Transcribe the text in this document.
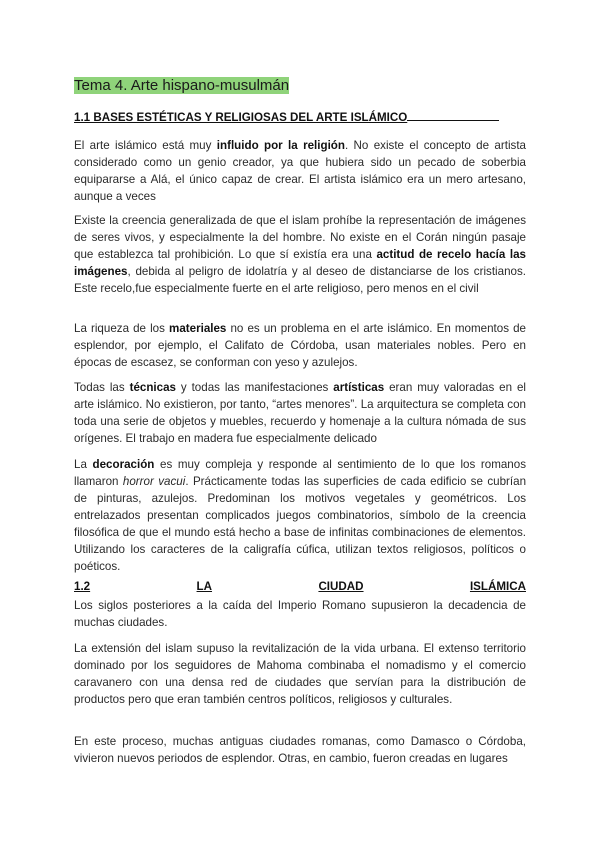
Tema 4. Arte hispano-musulmán
1.1 BASES ESTÉTICAS Y RELIGIOSAS DEL ARTE ISLÁMICO

El arte islámico está muy influido por la religión. No existe el concepto de artista considerado como un genio creador, ya que hubiera sido un pecado de soberbia equipararse a Alá, el único capaz de crear. El artista islámico era un mero artesano, aunque a veces

Existe la creencia generalizada de que el islam prohíbe la representación de imágenes de seres vivos, y especialmente la del hombre. No existe en el Corán ningún pasaje que establezca tal prohibición. Lo que sí existía era una actitud de recelo hacía las imágenes, debida al peligro de idolatría y al deseo de distanciarse de los cristianos. Este recelo,fue especialmente fuerte en el arte religioso, pero menos en el civil

La riqueza de los materiales no es un problema en el arte islámico. En momentos de esplendor, por ejemplo, el Califato de Córdoba, usan materiales nobles. Pero en épocas de escasez, se conforman con yeso y azulejos.

Todas las técnicas y todas las manifestaciones artísticas eran muy valoradas en el arte islámico. No existieron, por tanto, “artes menores”. La arquitectura se completa con toda una serie de objetos y muebles, recuerdo y homenaje a la cultura nómada de sus orígenes. El trabajo en madera fue especialmente delicado

La decoración es muy compleja y responde al sentimiento de lo que los romanos llamaron horror vacui. Prácticamente todas las superficies de cada edificio se cubrían de pinturas, azulejos. Predominan los motivos vegetales y geométricos. Los entrelazados presentan complicados juegos combinatorios, símbolo de la creencia filosófica de que el mundo está hecho a base de infinitas combinaciones de elementos. Utilizando los caracteres de la caligrafía cúfica, utilizan textos religiosos, políticos o poéticos.

1.2	LA	CIUDAD	ISLÁMICA

Los siglos posteriores a la caída del Imperio Romano supusieron la decadencia de muchas ciudades.

La extensión del islam supuso la revitalización de la vida urbana. El extenso territorio dominado por los seguidores de Mahoma combinaba el nomadismo y el comercio caravanero con una densa red de ciudades que servían para la distribución de productos pero que eran también centros políticos, religiosos y culturales.

En este proceso, muchas antiguas ciudades romanas, como Damasco o Córdoba, vivieron nuevos periodos de esplendor. Otras, en cambio, fueron creadas en lugares
